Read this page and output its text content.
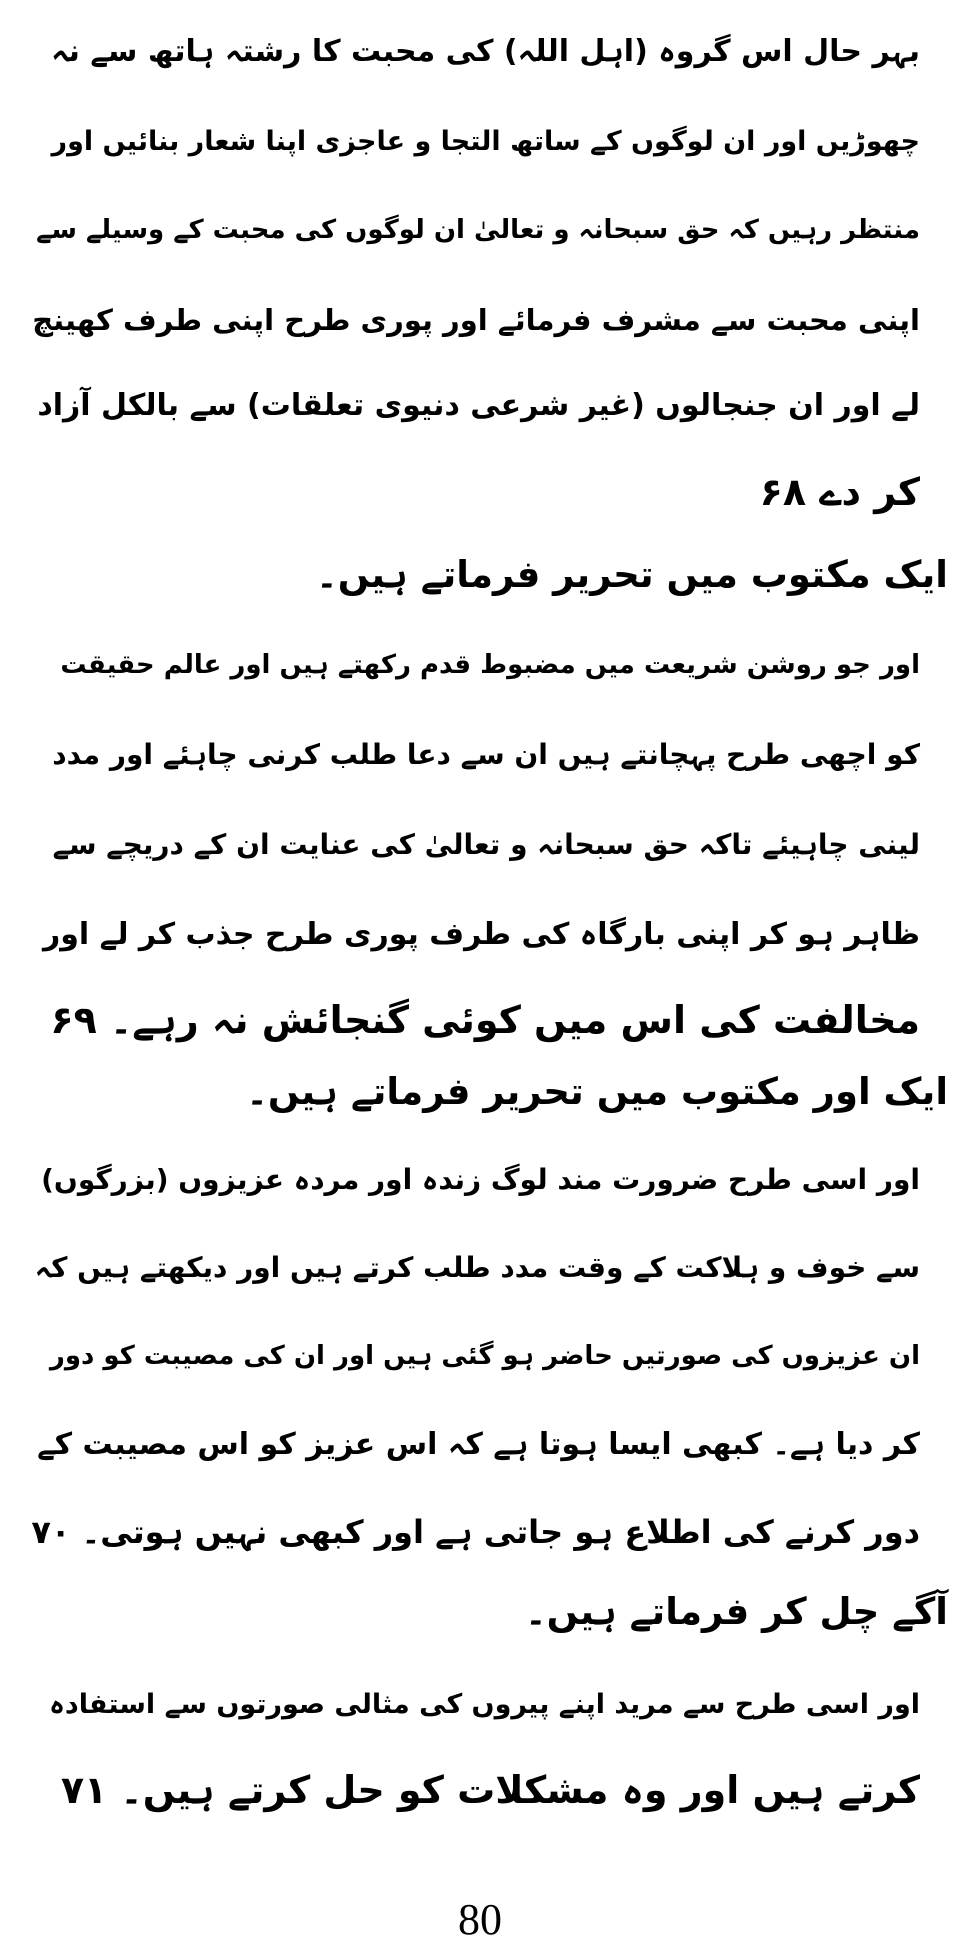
بہر حال اس گروہ (اہل اللہ) کی محبت کا رشتہ ہاتھ سے نہ
چھوڑیں اور ان لوگوں کے ساتھ التجا و عاجزی اپنا شعار بنائیں اور
منتظر رہیں کہ حق سبحانہ و تعالیٰ ان لوگوں کی محبت کے وسیلے سے
اپنی محبت سے مشرف فرمائے اور پوری طرح اپنی طرف کھینچ
لے اور ان جنجالوں (غیر شرعی دنیوی تعلقات) سے بالکل آزاد
کر دے ۶۸
ایک مکتوب میں تحریر فرماتے ہیں۔
اور جو روشن شریعت میں مضبوط قدم رکھتے ہیں اور عالم حقیقت
کو اچھی طرح پہچانتے ہیں ان سے دعا طلب کرنی چاہئے اور مدد
لینی چاہیئے تاکہ حق سبحانہ و تعالیٰ کی عنایت ان کے دریچے سے
ظاہر ہو کر اپنی بارگاہ کی طرف پوری طرح جذب کر لے اور
مخالفت کی اس میں کوئی گنجائش نہ رہے۔ ۶۹
ایک اور مکتوب میں تحریر فرماتے ہیں۔
اور اسی طرح ضرورت مند لوگ زندہ اور مردہ عزیزوں (بزرگوں)
سے خوف و ہلاکت کے وقت مدد طلب کرتے ہیں اور دیکھتے ہیں کہ
ان عزیزوں کی صورتیں حاضر ہو گئی ہیں اور ان کی مصیبت کو دور
کر دیا ہے۔ کبھی ایسا ہوتا ہے کہ اس عزیز کو اس مصیبت کے
دور کرنے کی اطلاع ہو جاتی ہے اور کبھی نہیں ہوتی۔ ۷۰
آگے چل کر فرماتے ہیں۔
اور اسی طرح سے مرید اپنے پیروں کی مثالی صورتوں سے استفادہ
کرتے ہیں اور وہ مشکلات کو حل کرتے ہیں۔ ۷۱
80
